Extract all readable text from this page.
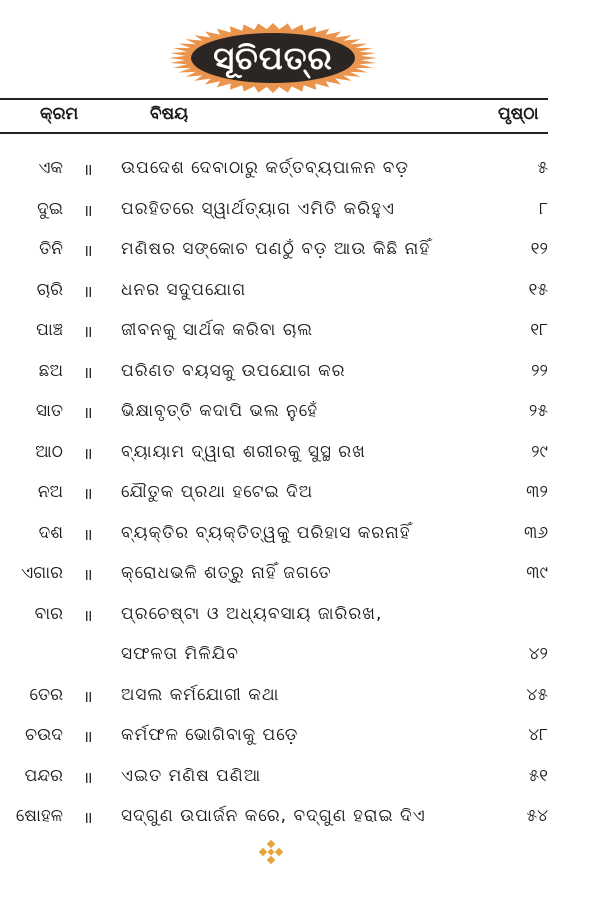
ସୂଚିପତ୍ର
କ୍ରମ	ବିଷୟ	ପୃଷ୍ଠା
ଏକ ॥ ଉପଦେଶ ଦେବାଠାରୁ କର୍ତ୍ତବ୍ୟପାଳନ ବଡ଼	୫
ଦୁଇ ॥ ପରହିତରେ ସ୍ୱାର୍ଥତ୍ୟାଗ ଏମିତି କରିହୁଏ	୮
ତିନି ॥ ମଣିଷର ସଙ୍କୋଚ ପଣଠୁଁ ବଡ଼ ଆଉ କିଛି ନାହିଁ	୧୨
ଚାରି ॥ ଧନର ସଦୁପଯୋଗ	୧୫
ପାଞ୍ଚ ॥ ଜୀବନକୁ ସାର୍ଥକ କରିବା ଚାଲ	୧୮
ଛଅ ॥ ପରିଣତ ବୟସକୁ ଉପଯୋଗ କର	୨୨
ସାତ ॥ ଭିକ୍ଷାବୃତ୍ତି କଦାପି ଭଲ ନୁହେଁ	୨୫
ଆଠ ॥ ବ୍ୟାୟାମ ଦ୍ୱାରା ଶରୀରକୁ ସୁସ୍ଥ ରଖ	୨୯
ନଅ ॥ ଯୌତୁକ ପ୍ରଥା ହଟେଇ ଦିଅ	୩୨
ଦଶ ॥ ବ୍ୟକ୍ତିର ବ୍ୟକ୍ତିତ୍ୱକୁ ପରିହାସ କରନାହିଁ	୩୬
ଏଗାର ॥ କ୍ରୋଧଭଳି ଶତ୍ରୁ ନାହିଁ ଜଗତେ	୩୯
ବାର ॥ ପ୍ରଚେଷ୍ଟା ଓ ଅଧ୍ୟବସାୟ ଜାରିରଖ,
ସଫଳତା ମିଳିଯିବ	୪୨
ତେର ॥ ଅସଲ କର୍ମଯୋଗୀ କଥା	୪୫
ଚଉଦ ॥ କର୍ମଫଳ ଭୋଗିବାକୁ ପଡ଼େ	୪୮
ପନ୍ଦର ॥ ଏଇତ ମଣିଷ ପଣିଆ	୫୧
ଷୋହଳ ॥ ସଦ୍‌ଗୁଣ ଉପାର୍ଜନ କରେ, ବଦ୍‌ଗୁଣ ହରାଇ ଦିଏ	୫୪
